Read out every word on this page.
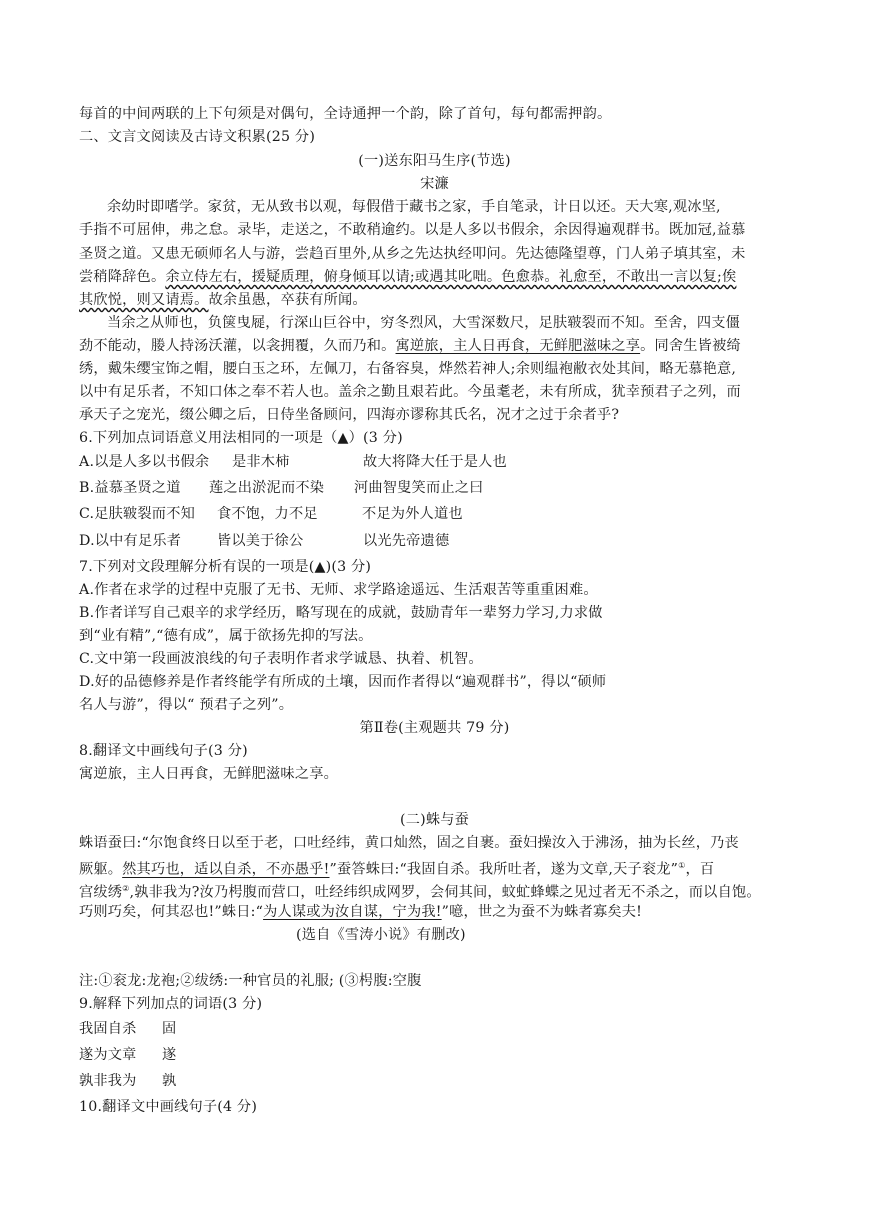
每首的中间两联的上下句须是对偶句，全诗通押一个韵，除了首句，每句都需押韵。
二、文言文阅读及古诗文积累(25 分)
(一)送东阳马生序(节选)
宋濂
余幼时即嗜学。家贫，无从致书以观，每假借于藏书之家，手自笔录，计日以还。天大寒,观冰坚,
手指不可屈伸，弗之怠。录毕，走送之，不敢稍逾约。以是人多以书假余，余因得遍观群书。既加冠,益慕
圣贤之道。又患无硕师名人与游，尝趋百里外,从乡之先达执经叩问。先达德隆望尊，门人弟子填其室，未
尝稍降辞色。余立侍左右，援疑质理，俯身倾耳以请;或遇其叱咄。色愈恭。礼愈至，不敢出一言以复;俟
其欣悦，则又请焉。故余虽愚，卒获有所闻。
当余之从师也，负箧曳屣，行深山巨谷中，穷冬烈风，大雪深数尺，足肤皲裂而不知。至舍，四支僵
劲不能动，媵人持汤沃灌，以衾拥覆，久而乃和。寓逆旅，主人日再食，无鲜肥滋味之享。同舍生皆被绮
绣，戴朱缨宝饰之帽，腰白玉之环，左佩刀，右备容臭，烨然若神人;余则缊袍敝衣处其间，略无慕艳意,
以中有足乐者，不知口体之奉不若人也。盖余之勤且艰若此。今虽耄老，未有所成，犹幸预君子之列，而
承天子之宠光，缀公卿之后，日侍坐备顾问，四海亦谬称其氏名，况才之过于余者乎?
6.下列加点词语意义用法相同的一项是（▲）(3 分)
A.以是人多以书假余 是非木柿	故大将降大任于是人也
B.益慕圣贤之道 莲之出淤泥而不染 河曲智叟笑而止之曰
C.足肤皲裂而不知 食不饱，力不足	不足为外人道也
D.以中有足乐者	皆以美于徐公	以光先帝遗德
7.下列对文段理解分析有误的一项是(▲)(3 分)
A.作者在求学的过程中克服了无书、无师、求学路途遥远、生活艰苦等重重困难。
B.作者详写自己艰辛的求学经历，略写现在的成就，鼓励青年一辈努力学习,力求做
到“业有精”,“德有成”，属于欲扬先抑的写法。
C.文中第一段画波浪线的句子表明作者求学诚恳、执着、机智。
D.好的品德修养是作者终能学有所成的土壤，因而作者得以“遍观群书”，得以“硕师
名人与游”，得以“ 预君子之列”。
第Ⅱ卷(主观题共 79 分)
8.翻译文中画线句子(3 分)
寓逆旅，主人日再食，无鲜肥滋味之享。
(二)蛛与蚕
蛛语蚕曰:“尔饱食终日以至于老，口吐经纬，黄口灿然，固之自裹。蚕妇操汝入于沸汤，抽为长丝，乃丧
厥躯。然其巧也，适以自杀，不亦愚乎!”蚕答蛛曰:“我固自杀。我所吐者，遂为文章,天子衮龙”①，百
宫绂绣②,孰非我为?汝乃枵腹而营口，吐经纬织成网罗，会伺其间，蚊虻蜂蝶之见过者无不杀之，而以自饱。
巧则巧矣，何其忍也!”蛛日:“为人谋或为汝自谋，宁为我!”噫，世之为蚕不为蛛者寡矣夫!
(选自《雪涛小说》有删改)
注:①衮龙:龙袍;②绂绣:一种官员的礼服; (③枵腹:空腹
9.解释下列加点的词语(3 分)
我固自杀 固
遂为文章 遂
孰非我为 孰
10.翻译文中画线句子(4 分)
